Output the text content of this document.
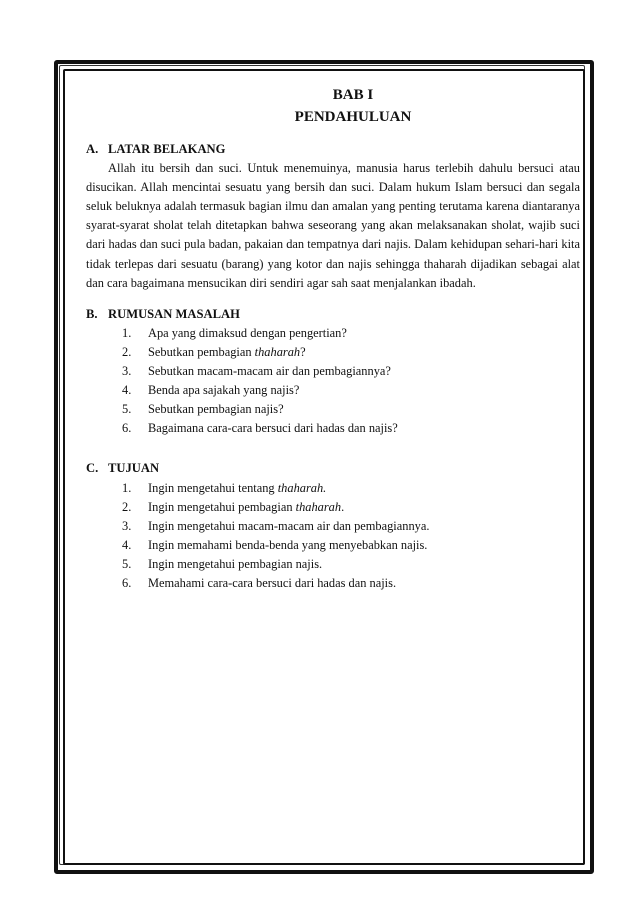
BAB I
PENDAHULUAN
A. LATAR BELAKANG
Allah itu bersih dan suci. Untuk menemuinya, manusia harus terlebih dahulu bersuci atau disucikan. Allah mencintai sesuatu yang bersih dan suci. Dalam hukum Islam bersuci dan segala seluk beluknya adalah termasuk bagian ilmu dan amalan yang penting terutama karena diantaranya syarat-syarat sholat telah ditetapkan bahwa seseorang yang akan melaksanakan sholat, wajib suci dari hadas dan suci pula badan, pakaian dan tempatnya dari najis. Dalam kehidupan sehari-hari kita tidak terlepas dari sesuatu (barang) yang kotor dan najis sehingga thaharah dijadikan sebagai alat dan cara bagaimana mensucikan diri sendiri agar sah saat menjalankan ibadah.
B. RUMUSAN MASALAH
1.	Apa yang dimaksud dengan pengertian?
2.	Sebutkan pembagian thaharah?
3.	Sebutkan macam-macam air dan pembagiannya?
4.	Benda apa sajakah yang najis?
5.	Sebutkan pembagian najis?
6.	Bagaimana cara-cara bersuci dari hadas dan najis?
C. TUJUAN
1.	Ingin mengetahui tentang thaharah.
2.	Ingin mengetahui pembagian thaharah.
3.	Ingin mengetahui macam-macam air dan pembagiannya.
4.	Ingin memahami benda-benda yang menyebabkan najis.
5.	Ingin mengetahui pembagian najis.
6.	Memahami cara-cara bersuci dari hadas dan najis.
